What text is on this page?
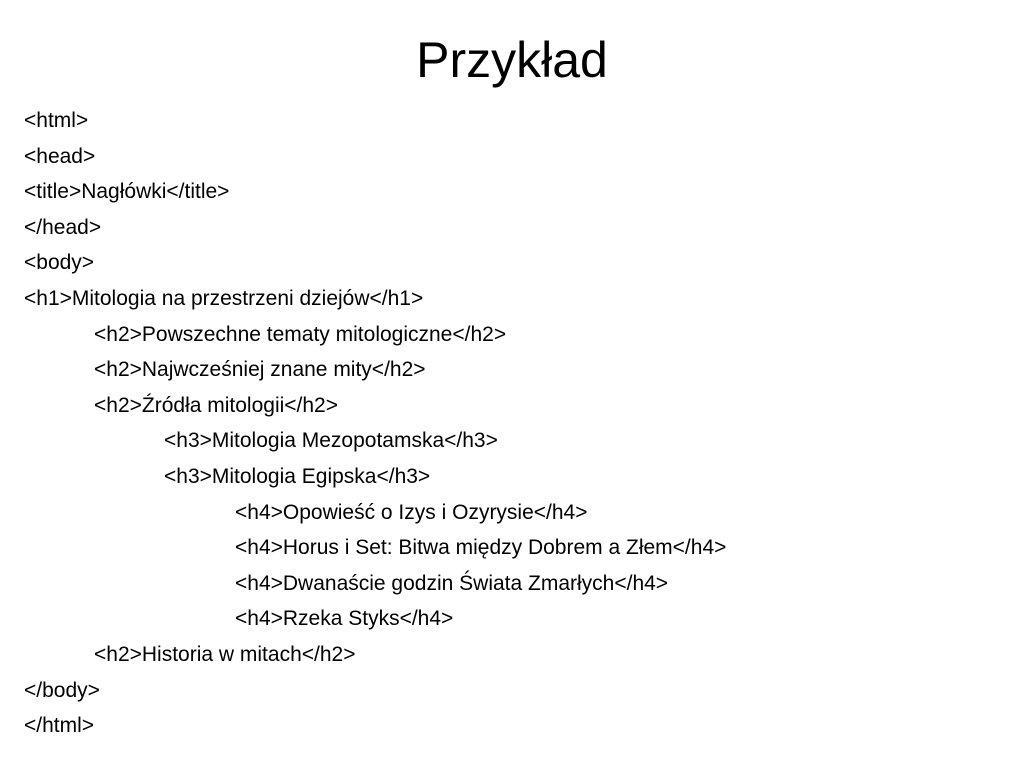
Przykład
<html>
<head>
<title>Nagłówki</title>
</head>
<body>
<h1>Mitologia na przestrzeni dziejów</h1>
<h2>Powszechne tematy mitologiczne</h2>
<h2>Najwcześniej znane mity</h2>
<h2>Źródła mitologii</h2>
<h3>Mitologia Mezopotamska</h3>
<h3>Mitologia Egipska</h3>
<h4>Opowieść o Izys i Ozyrysie</h4>
<h4>Horus i Set: Bitwa między Dobrem a Złem</h4>
<h4>Dwanaście godzin Świata Zmarłych</h4>
<h4>Rzeka Styks</h4>
<h2>Historia w mitach</h2>
</body>
</html>
